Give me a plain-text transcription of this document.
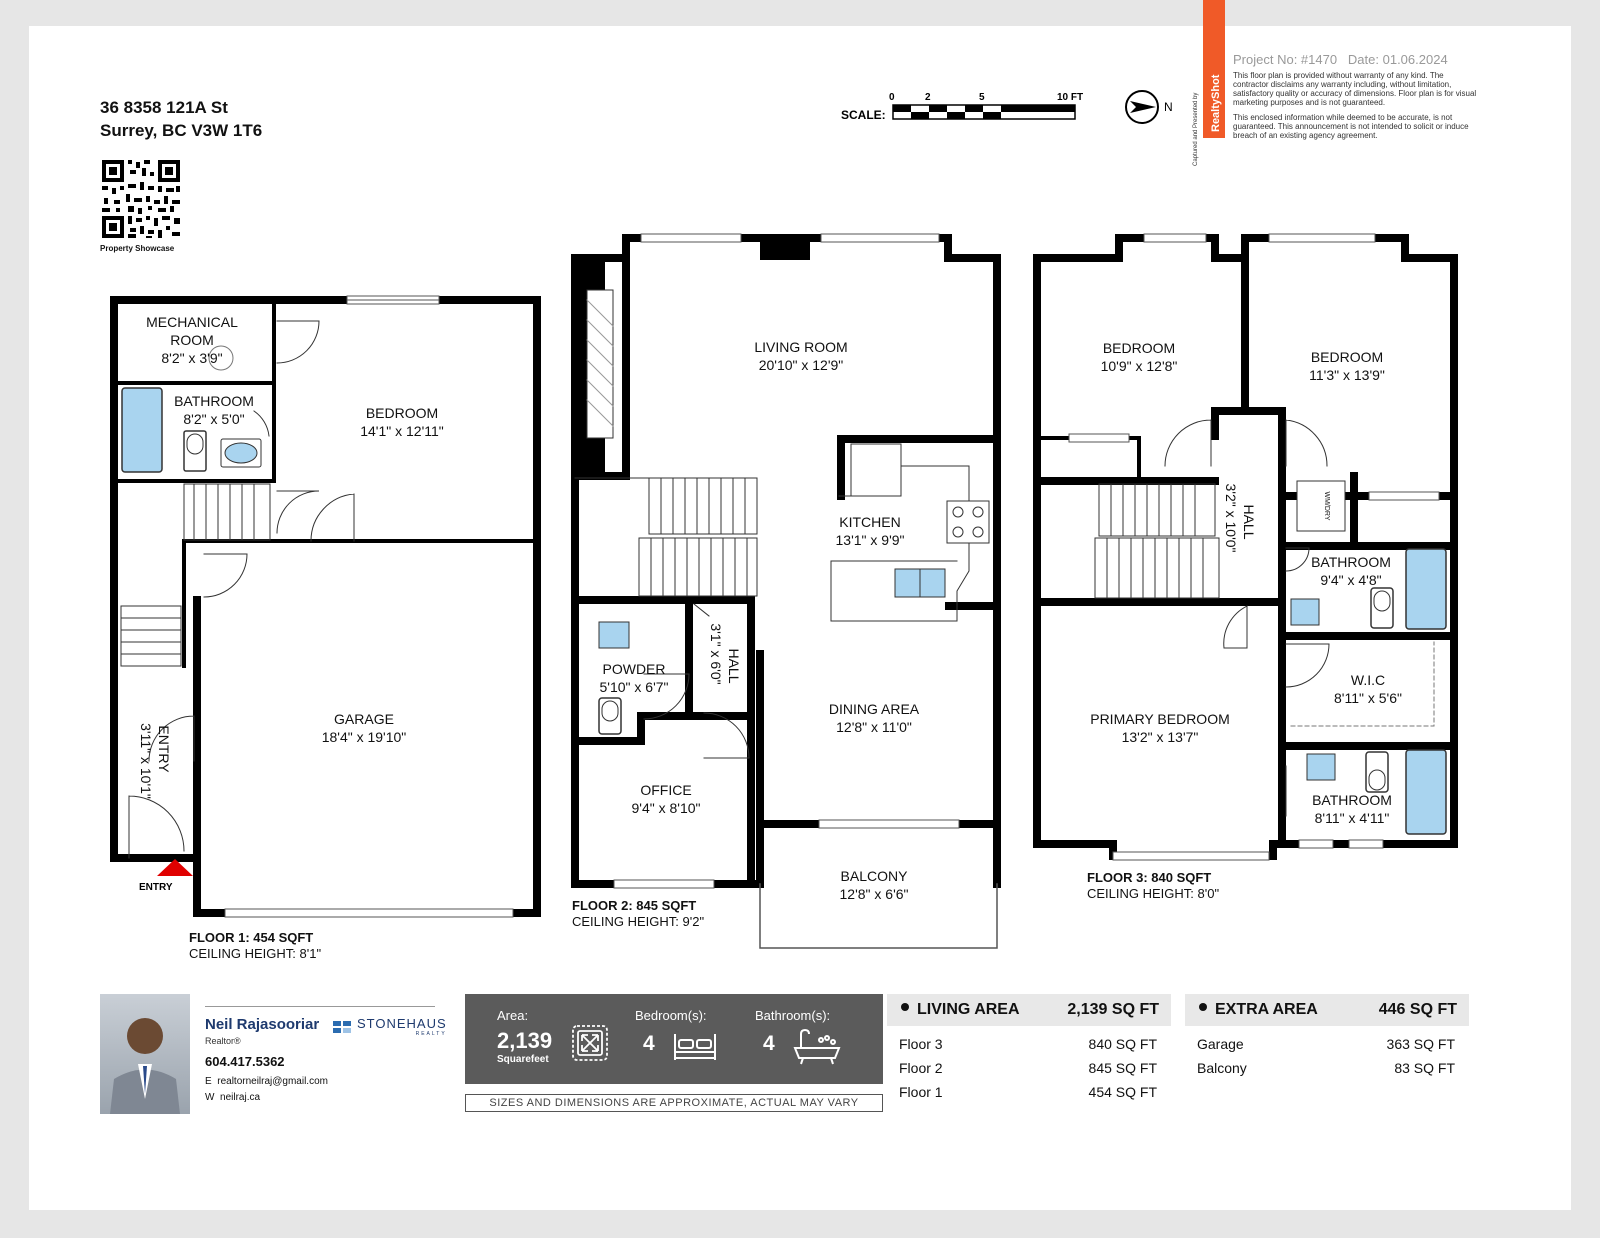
36 8358 121A St
Surrey, BC V3W 1T6
Property Showcase
SCALE:
0	2	5	10 FT
N	Captured and Presented by RealtyShot
Project No: #1470 Date: 01.06.2024
This floor plan is provided without warranty of any kind. The contractor disclaims any warranty including, without limitation, satisfactory quality or accuracy of dimensions. Floor plan is for visual marketing purposes and is not guaranteed.
This enclosed information while deemed to be accurate, is not guaranteed. This announcement is not intended to solicit or induce breach of an existing agency agreement.
WM/DRY
MECHANICAL
ROOM
8'2" x 3'9"
BATHROOM
8'2" x 5'0"	BEDROOM
14'1" x 12'11"
GARAGE
18'4" x 19'10"
ENTRY
3'11" x 10'1"
ENTRY
FLOOR 1: 454 SQFT
CEILING HEIGHT: 8'1"
LIVING ROOM
20'10" x 12'9"
KITCHEN
13'1" x 9'9"
DINING AREA
12'8" x 11'0"
POWDER
5'10" x 6'7"
HALL
3'1" x 6'0"
OFFICE
9'4" x 8'10"
BALCONY
12'8" x 6'6"
FLOOR 2: 845 SQFT
CEILING HEIGHT: 9'2"
BEDROOM
10'9" x 12'8"
BEDROOM
11'3" x 13'9"
HALL
3'2" x 10'0"
BATHROOM
9'4" x 4'8"
W.I.C
8'11" x 5'6"
PRIMARY BEDROOM
13'2" x 13'7"
BATHROOM
8'11" x 4'11"
FLOOR 3: 840 SQFT
CEILING HEIGHT: 8'0"
Neil Rajasooriar	STONEHAUS
REALTY
Realtor®
604.417.5362
E realtorneilraj@gmail.com
W neilraj.ca
Area:
2,139
Squarefeet
Bedroom(s):
4
Bathroom(s):
4
SIZES AND DIMENSIONS ARE APPROXIMATE, ACTUAL MAY VARY
LIVING AREA	2,139 SQ FT
Floor 3	840 SQ FT
Floor 2	845 SQ FT
Floor 1	454 SQ FT
EXTRA AREA	446 SQ FT
Garage	363 SQ FT
Balcony	83 SQ FT
